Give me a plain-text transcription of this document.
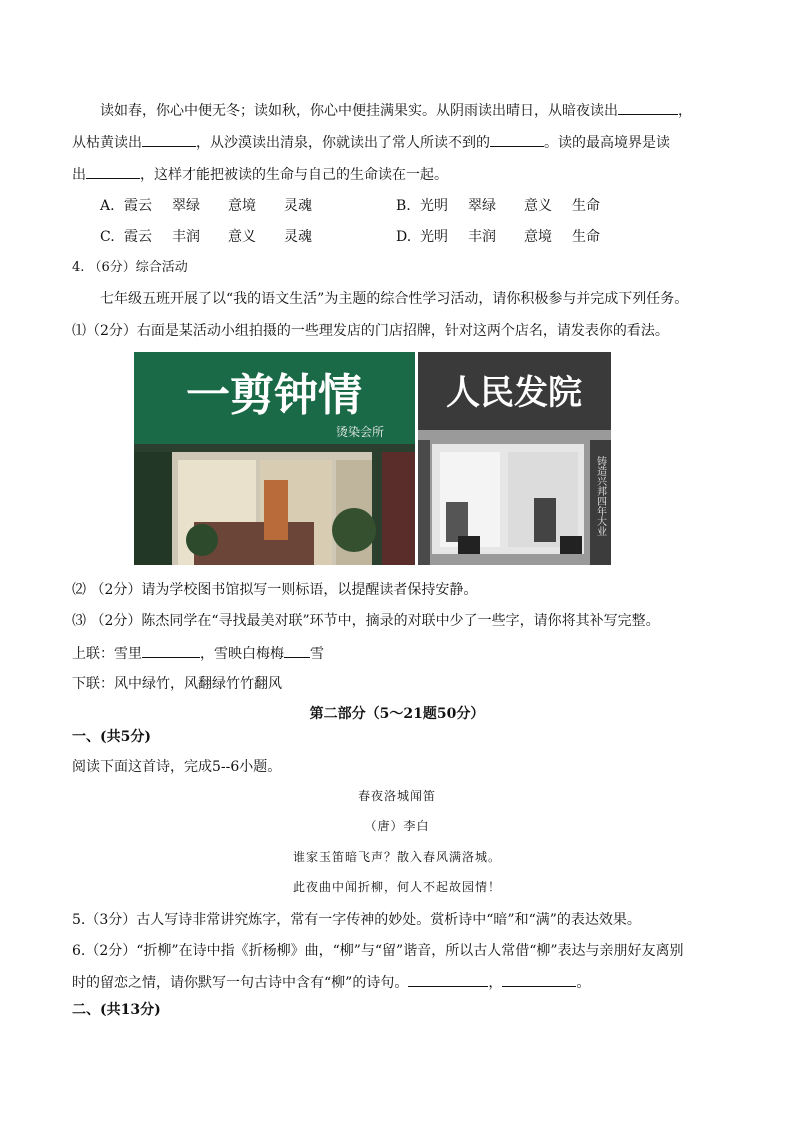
读如春，你心中便无冬；读如秋，你心中便挂满果实。从阴雨读出晴日，从暗夜读出	，
从枯黄读出	，从沙漠读出清泉，你就读出了常人所读不到的	。读的最高境界是读
出	，这样才能把被读的生命与自己的生命读在一起。
A. 霞云 翠绿 意境 灵魂	B. 光明 翠绿 意义 生命
C. 霞云 丰润 意义 灵魂	D. 光明 丰润 意境 生命
4. （6分）综合活动
七年级五班开展了以“我的语文生活”为主题的综合性学习活动，请你积极参与并完成下列任务。
⑴（2分）右面是某活动小组拍摄的一些理发店的门店招牌，针对这两个店名，请发表你的看法。
一剪钟情
烫染会所
人民发院
铸造兴邦四年大业
⑵ （2分）请为学校图书馆拟写一则标语，以提醒读者保持安静。
⑶ （2分）陈杰同学在“寻找最美对联”环节中，摘录的对联中少了一些字，请你将其补写完整。
上联：雪里	，雪映白梅梅 雪
下联：风中绿竹，风翻绿竹竹翻风
第二部分（5～21题50分）
一、(共5分)
阅读下面这首诗，完成5--6小题。
春夜洛城闻笛
（唐）李白
谁家玉笛暗飞声？散入春风满洛城。
此夜曲中闻折柳，何人不起故园情！
5.（3分）古人写诗非常讲究炼字，常有一字传神的妙处。赏析诗中“暗”和“满”的表达效果。
6.（2分）“折柳”在诗中指《折杨柳》曲，“柳”与“留”谐音，所以古人常借“柳”表达与亲朋好友离别
时的留恋之情，请你默写一句古诗中含有“柳”的诗句。	，	。
二、(共13分)
